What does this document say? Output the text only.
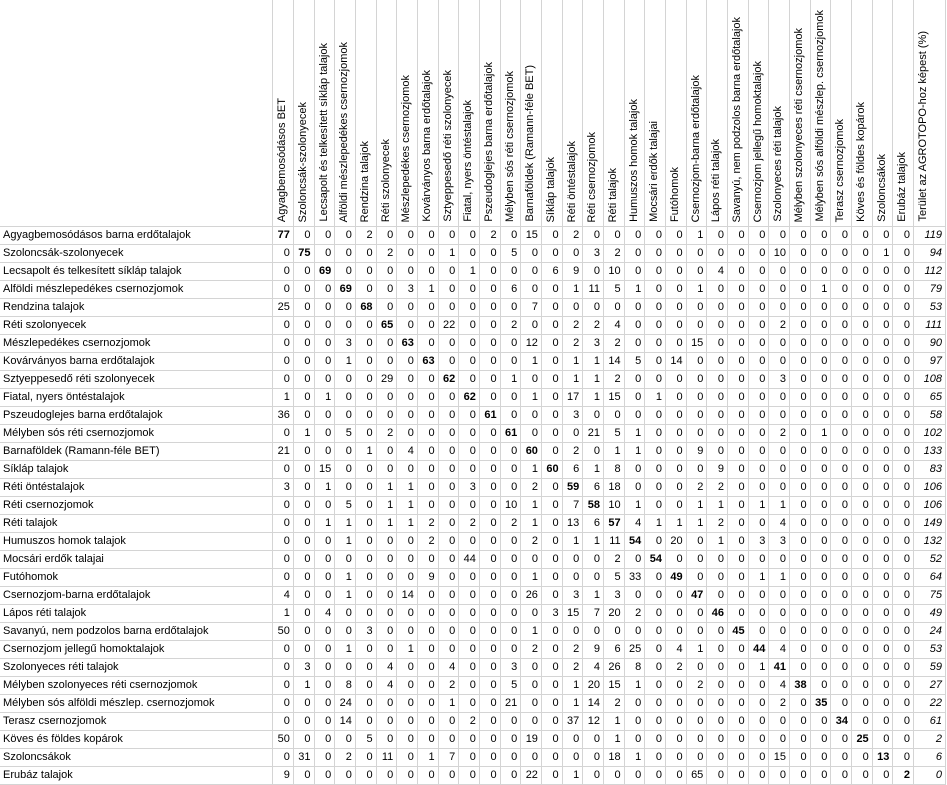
	Agyagbemosódásos BET	Szoloncsák-szolonyecek	Lecsapolt és telkesített síkláp talajok	Alföldi mészlepedékes csernozjomok	Rendzina talajok	Réti szolonyecek	Mészlepedékes csernozjomok	Kovárványos barna erdőtalajok	Sztyeppesedő réti szolonyecek	Fiatal, nyers öntéstalajok	Pszeudoglejes barna erdőtalajok	Mélyben sós réti csernozjomok	Barnaföldek (Ramann-féle BET)	Síkláp talajok	Réti öntéstalajok	Réti csernozjomok	Réti talajok	Humuszos homok talajok	Mocsári erdők talajai	Futóhomok	Csernozjom-barna erdőtalajok	Lápos réti talajok	Savanyú, nem podzolos barna erdőtalajok	Csernozjom jellegű homoktalajok	Szolonyeces réti talajok	Mélyben szolonyeces réti csernozjomok	Mélyben sós alföldi mészlep. csernozjomok	Terasz csernozjomok	Köves és földes kopárok	Szoloncsákok	Erubáz talajok	Terület az AGROTOPO-hoz képest (%)

Agyagbemosódásos barna erdőtalajok	77	0	0	0	2	0	0	0	0	0	2	0	15	0	2	0	0	0	0	0	1	0	0	0	0	0	0	0	0	0	0	119
Szoloncsák-szolonyecek	0	75	0	0	0	2	0	0	1	0	0	5	0	0	0	3	2	0	0	0	0	0	0	0	10	0	0	0	0	1	0	94
Lecsapolt és telkesített síkláp talajok	0	0	69	0	0	0	0	0	0	1	0	0	0	6	9	0	10	0	0	0	0	4	0	0	0	0	0	0	0	0	0	112
Alföldi mészlepedékes csernozjomok	0	0	0	69	0	0	3	1	0	0	0	6	0	0	1	11	5	1	0	0	1	0	0	0	0	0	1	0	0	0	0	79
Rendzina talajok	25	0	0	0	68	0	0	0	0	0	0	0	7	0	0	0	0	0	0	0	0	0	0	0	0	0	0	0	0	0	0	53
Réti szolonyecek	0	0	0	0	0	65	0	0	22	0	0	2	0	0	2	2	4	0	0	0	0	0	0	0	2	0	0	0	0	0	0	111
Mészlepedékes csernozjomok	0	0	0	3	0	0	63	0	0	0	0	0	12	0	2	3	2	0	0	0	15	0	0	0	0	0	0	0	0	0	0	90
Kovárványos barna erdőtalajok	0	0	0	1	0	0	0	63	0	0	0	0	1	0	1	1	14	5	0	14	0	0	0	0	0	0	0	0	0	0	0	97
Sztyeppesedő réti szolonyecek	0	0	0	0	0	29	0	0	62	0	0	1	0	0	1	1	2	0	0	0	0	0	0	0	3	0	0	0	0	0	0	108
Fiatal, nyers öntéstalajok	1	0	1	0	0	0	0	0	0	62	0	0	1	0	17	1	15	0	1	0	0	0	0	0	0	0	0	0	0	0	0	65
Pszeudoglejes barna erdőtalajok	36	0	0	0	0	0	0	0	0	0	61	0	0	0	3	0	0	0	0	0	0	0	0	0	0	0	0	0	0	0	0	58
Mélyben sós réti csernozjomok	0	1	0	5	0	2	0	0	0	0	0	61	0	0	0	21	5	1	0	0	0	0	0	0	2	0	1	0	0	0	0	102
Barnaföldek (Ramann-féle BET)	21	0	0	0	1	0	4	0	0	0	0	0	60	0	2	0	1	1	0	0	9	0	0	0	0	0	0	0	0	0	0	133
Síkláp talajok	0	0	15	0	0	0	0	0	0	0	0	0	1	60	6	1	8	0	0	0	0	9	0	0	0	0	0	0	0	0	0	83
Réti öntéstalajok	3	0	1	0	0	1	1	0	0	3	0	0	2	0	59	6	18	0	0	0	2	2	0	0	0	0	0	0	0	0	0	106
Réti csernozjomok	0	0	0	5	0	1	1	0	0	0	0	10	1	0	7	58	10	1	0	0	1	1	0	1	1	0	0	0	0	0	0	106
Réti talajok	0	0	1	1	0	1	1	2	0	2	0	2	1	0	13	6	57	4	1	1	1	2	0	0	4	0	0	0	0	0	0	149
Humuszos homok talajok	0	0	0	1	0	0	0	2	0	0	0	0	2	0	1	1	11	54	0	20	0	1	0	3	3	0	0	0	0	0	0	132
Mocsári erdők talajai	0	0	0	0	0	0	0	0	0	44	0	0	0	0	0	0	2	0	54	0	0	0	0	0	0	0	0	0	0	0	0	52
Futóhomok	0	0	0	1	0	0	0	9	0	0	0	0	1	0	0	0	5	33	0	49	0	0	0	1	1	0	0	0	0	0	0	64
Csernozjom-barna erdőtalajok	4	0	0	1	0	0	14	0	0	0	0	0	26	0	3	1	3	0	0	0	47	0	0	0	0	0	0	0	0	0	0	75
Lápos réti talajok	1	0	4	0	0	0	0	0	0	0	0	0	0	3	15	7	20	2	0	0	0	46	0	0	0	0	0	0	0	0	0	49
Savanyú, nem podzolos barna erdőtalajok	50	0	0	0	3	0	0	0	0	0	0	0	1	0	0	0	0	0	0	0	0	0	45	0	0	0	0	0	0	0	0	24
Csernozjom jellegű homoktalajok	0	0	0	1	0	0	1	0	0	0	0	0	2	0	2	9	6	25	0	4	1	0	0	44	4	0	0	0	0	0	0	53
Szolonyeces réti talajok	0	3	0	0	0	4	0	0	4	0	0	3	0	0	2	4	26	8	0	2	0	0	0	1	41	0	0	0	0	0	0	59
Mélyben szolonyeces réti csernozjomok	0	1	0	8	0	4	0	0	2	0	0	5	0	0	1	20	15	1	0	0	2	0	0	0	4	38	0	0	0	0	0	27
Mélyben sós alföldi mészlep. csernozjomok	0	0	0	24	0	0	0	0	1	0	0	21	0	0	1	14	2	0	0	0	0	0	0	0	2	0	35	0	0	0	0	22
Terasz csernozjomok	0	0	0	14	0	0	0	0	0	2	0	0	0	0	37	12	1	0	0	0	0	0	0	0	0	0	0	34	0	0	0	61
Köves és földes kopárok	50	0	0	0	5	0	0	0	0	0	0	0	19	0	0	0	1	0	0	0	0	0	0	0	0	0	0	0	25	0	0	2
Szoloncsákok	0	31	0	2	0	11	0	1	7	0	0	0	0	0	0	0	18	1	0	0	0	0	0	0	15	0	0	0	0	13	0	6
Erubáz talajok	9	0	0	0	0	0	0	0	0	0	0	0	22	0	1	0	0	0	0	0	65	0	0	0	0	0	0	0	0	0	2	0
